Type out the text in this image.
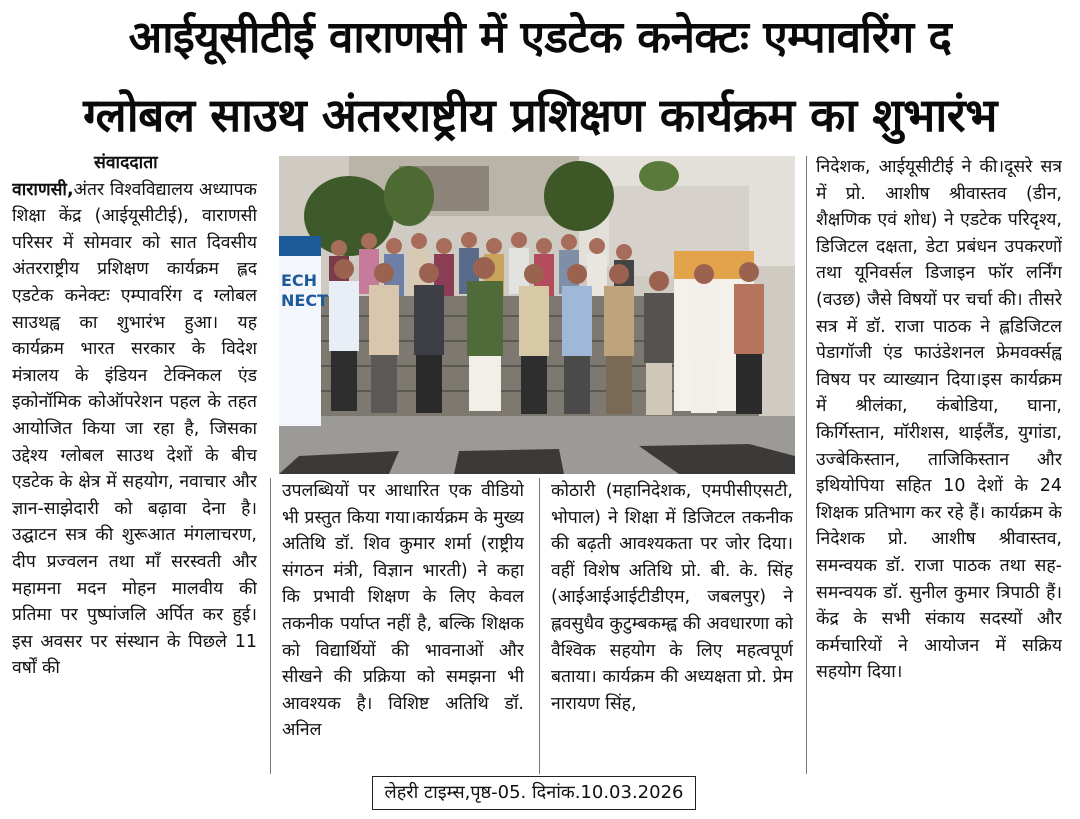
आईयूसीटीई वाराणसी में एडटेक कनेक्टः एम्पावरिंग द
ग्लोबल साउथ अंतरराष्ट्रीय प्रशिक्षण कार्यक्रम का शुभारंभ

संवाददाता

वाराणसी,अंतर विश्वविद्यालय अध्यापक शिक्षा केंद्र (आईयूसीटीई), वाराणसी परिसर में सोमवार को सात दिवसीय अंतरराष्ट्रीय प्रशिक्षण कार्यक्रम ह्लद एडटेक कनेक्टः एम्पावरिंग द ग्लोबल साउथह्व का शुभारंभ हुआ। यह कार्यक्रम भारत सरकार के विदेश मंत्रालय के इंडियन टेक्निकल एंड इकोनॉमिक कोऑपरेशन पहल के तहत आयोजित किया जा रहा है, जिसका उद्देश्य ग्लोबल साउथ देशों के बीच एडटेक के क्षेत्र में सहयोग, नवाचार और ज्ञान-साझेदारी को बढ़ावा देना है।उद्घाटन सत्र की शुरूआत मंगलाचरण, दीप प्रज्वलन तथा माँ सरस्वती और महामना मदन मोहन मालवीय की प्रतिमा पर पुष्पांजलि अर्पित कर हुई। इस अवसर पर संस्थान के पिछले 11 वर्षों की

ECH
NECT

उपलब्धियों पर आधारित एक वीडियो भी प्रस्तुत किया गया।कार्यक्रम के मुख्य अतिथि डॉ. शिव कुमार शर्मा (राष्ट्रीय संगठन मंत्री, विज्ञान भारती) ने कहा कि प्रभावी शिक्षण के लिए केवल तकनीक पर्याप्त नहीं है, बल्कि शिक्षक को विद्यार्थियों की भावनाओं और सीखने की प्रक्रिया को समझना भी आवश्यक है। विशिष्ट अतिथि डॉ. अनिल

कोठारी (महानिदेशक, एमपीसीएसटी, भोपाल) ने शिक्षा में डिजिटल तकनीक की बढ़ती आवश्यकता पर जोर दिया। वहीं विशेष अतिथि प्रो. बी. के. सिंह (आईआईआईटीडीएम, जबलपुर) ने ह्लवसुधैव कुटुम्बकम्ह्व की अवधारणा को वैश्विक सहयोग के लिए महत्वपूर्ण बताया। कार्यक्रम की अध्यक्षता प्रो. प्रेम नारायण सिंह,

निदेशक, आईयूसीटीई ने की।दूसरे सत्र में प्रो. आशीष श्रीवास्तव (डीन, शैक्षणिक एवं शोध) ने एडटेक परिदृश्य, डिजिटल दक्षता, डेटा प्रबंधन उपकरणों तथा यूनिवर्सल डिजाइन फॉर लर्निंग (वउछ) जैसे विषयों पर चर्चा की। तीसरे सत्र में डॉ. राजा पाठक ने ह्लडिजिटल पेडागॉजी एंड फाउंडेशनल फ्रेमवर्क्सह्व विषय पर व्याख्यान दिया।इस कार्यक्रम में श्रीलंका, कंबोडिया, घाना, किर्गिस्तान, मॉरीशस, थाईलैंड, युगांडा, उज्बेकिस्तान, ताजिकिस्तान और इथियोपिया सहित 10 देशों के 24 शिक्षक प्रतिभाग कर रहे हैं। कार्यक्रम के निदेशक प्रो. आशीष श्रीवास्तव, समन्वयक डॉ. राजा पाठक तथा सह-समन्वयक डॉ. सुनील कुमार त्रिपाठी हैं। केंद्र के सभी संकाय सदस्यों और कर्मचारियों ने आयोजन में सक्रिय सहयोग दिया।

लेहरी टाइम्स,पृष्ठ-05. दिनांक.10.03.2026
